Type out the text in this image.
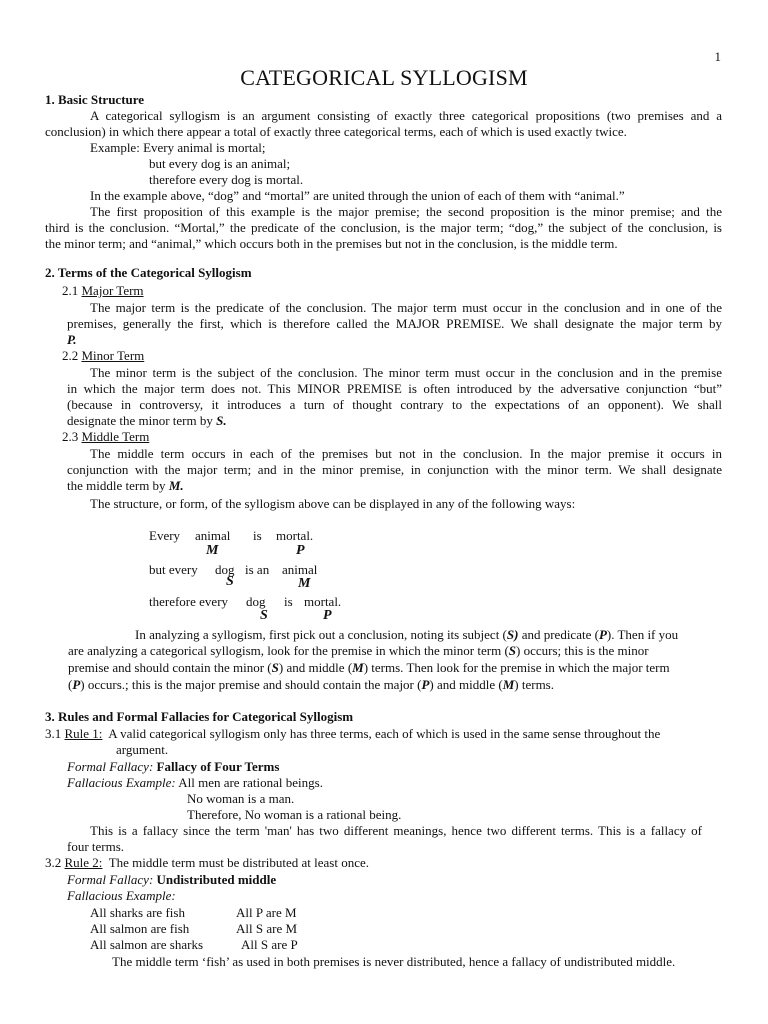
1
CATEGORICAL SYLLOGISM
1. Basic Structure
A categorical syllogism is an argument consisting of exactly three categorical propositions (two premises and a
conclusion) in which there appear a total of exactly three categorical terms, each of which is used exactly twice.
Example: Every animal is mortal;
but every dog is an animal;
therefore every dog is mortal.
In the example above, “dog” and “mortal” are united through the union of each of them with “animal.”
The first proposition of this example is the major premise; the second proposition is the minor premise; and the
third is the conclusion. “Mortal,” the predicate of the conclusion, is the major term; “dog,” the subject of the conclusion, is
the minor term; and “animal,” which occurs both in the premises but not in the conclusion, is the middle term.
2. Terms of the Categorical Syllogism
2.1 Major Term
The major term is the predicate of the conclusion. The major term must occur in the conclusion and in one of the
premises, generally the first, which is therefore called the MAJOR PREMISE. We shall designate the major term by
P.
2.2 Minor Term
The minor term is the subject of the conclusion. The minor term must occur in the conclusion and in the premise
in which the major term does not. This MINOR PREMISE is often introduced by the adversative conjunction “but”
(because in controversy, it introduces a turn of thought contrary to the expectations of an opponent). We shall
designate the minor term by S.
2.3 Middle Term
The middle term occurs in each of the premises but not in the conclusion. In the major premise it occurs in
conjunction with the major term; and in the minor premise, in conjunction with the minor term. We shall designate
the middle term by M.
The structure, or form, of the syllogism above can be displayed in any of the following ways:
Every animal is mortal.
M	P
but every dog is an animal
S	M
therefore every dog is mortal.
S	P
In analyzing a syllogism, first pick out a conclusion, noting its subject (S) and predicate (P). Then if you
are analyzing a categorical syllogism, look for the premise in which the minor term (S) occurs; this is the minor
premise and should contain the minor (S) and middle (M) terms. Then look for the premise in which the major term
(P) occurs.; this is the major premise and should contain the major (P) and middle (M) terms.
3. Rules and Formal Fallacies for Categorical Syllogism
3.1 Rule 1: A valid categorical syllogism only has three terms, each of which is used in the same sense throughout the
argument.
Formal Fallacy: Fallacy of Four Terms
Fallacious Example: All men are rational beings.
No woman is a man.
Therefore, No woman is a rational being.
This is a fallacy since the term 'man' has two different meanings, hence two different terms. This is a fallacy of
four terms.
3.2 Rule 2: The middle term must be distributed at least once.
Formal Fallacy: Undistributed middle
Fallacious Example:
All sharks are fish	All P are M
All salmon are fish	All S are M
All salmon are sharks	All S are P
The middle term ‘fish’ as used in both premises is never distributed, hence a fallacy of undistributed middle.
